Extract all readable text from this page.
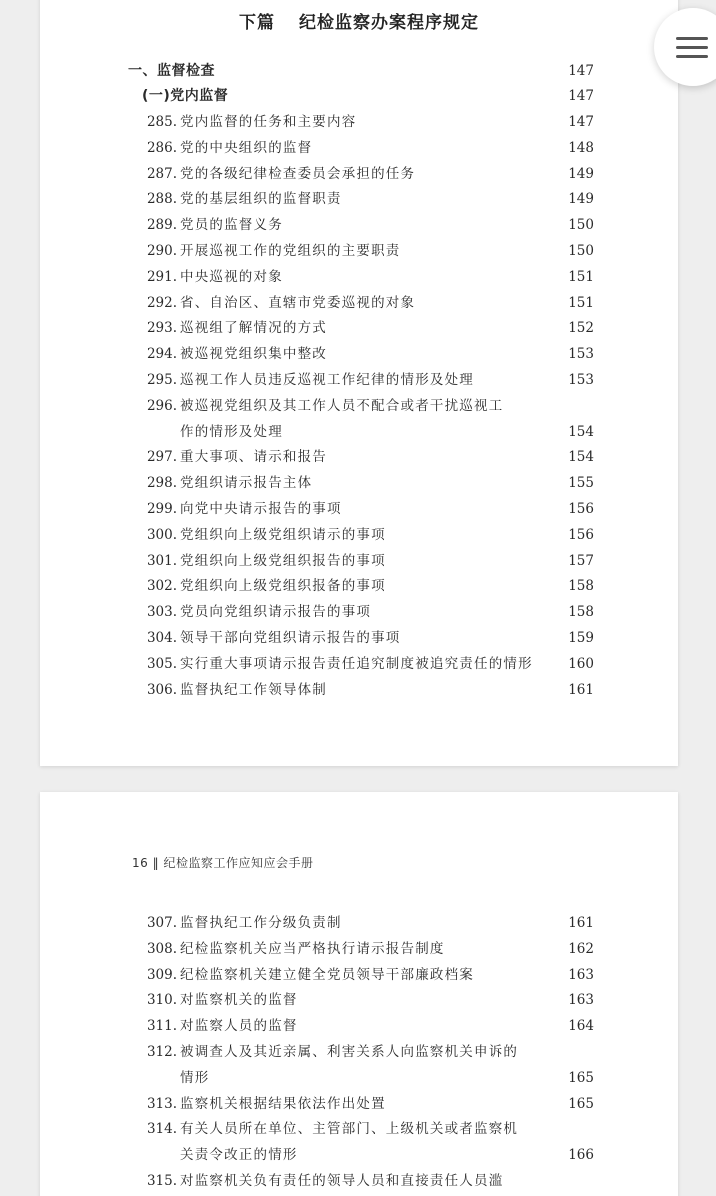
下篇 纪检监察办案程序规定
一、监督检查	147
(一)党内监督	147
285. 党内监督的任务和主要内容	147
286. 党的中央组织的监督	148
287. 党的各级纪律检查委员会承担的任务	149
288. 党的基层组织的监督职责	149
289. 党员的监督义务	150
290. 开展巡视工作的党组织的主要职责	150
291. 中央巡视的对象	151
292. 省、自治区、直辖市党委巡视的对象	151
293. 巡视组了解情况的方式	152
294. 被巡视党组织集中整改	153
295. 巡视工作人员违反巡视工作纪律的情形及处理	153
296. 被巡视党组织及其工作人员不配合或者干扰巡视工
作的情形及处理	154
297. 重大事项、请示和报告	154
298. 党组织请示报告主体	155
299. 向党中央请示报告的事项	156
300. 党组织向上级党组织请示的事项	156
301. 党组织向上级党组织报告的事项	157
302. 党组织向上级党组织报备的事项	158
303. 党员向党组织请示报告的事项	158
304. 领导干部向党组织请示报告的事项	159
305. 实行重大事项请示报告责任追究制度被追究责任的情形	160
306. 监督执纪工作领导体制	161
16 ‖ 纪检监察工作应知应会手册
307. 监督执纪工作分级负责制	161
308. 纪检监察机关应当严格执行请示报告制度	162
309. 纪检监察机关建立健全党员领导干部廉政档案	163
310. 对监察机关的监督	163
311. 对监察人员的监督	164
312. 被调查人及其近亲属、利害关系人向监察机关申诉的
情形	165
313. 监察机关根据结果依法作出处置	165
314. 有关人员所在单位、主管部门、上级机关或者监察机
关责令改正的情形	166
315. 对监察机关负有责任的领导人员和直接责任人员滥
